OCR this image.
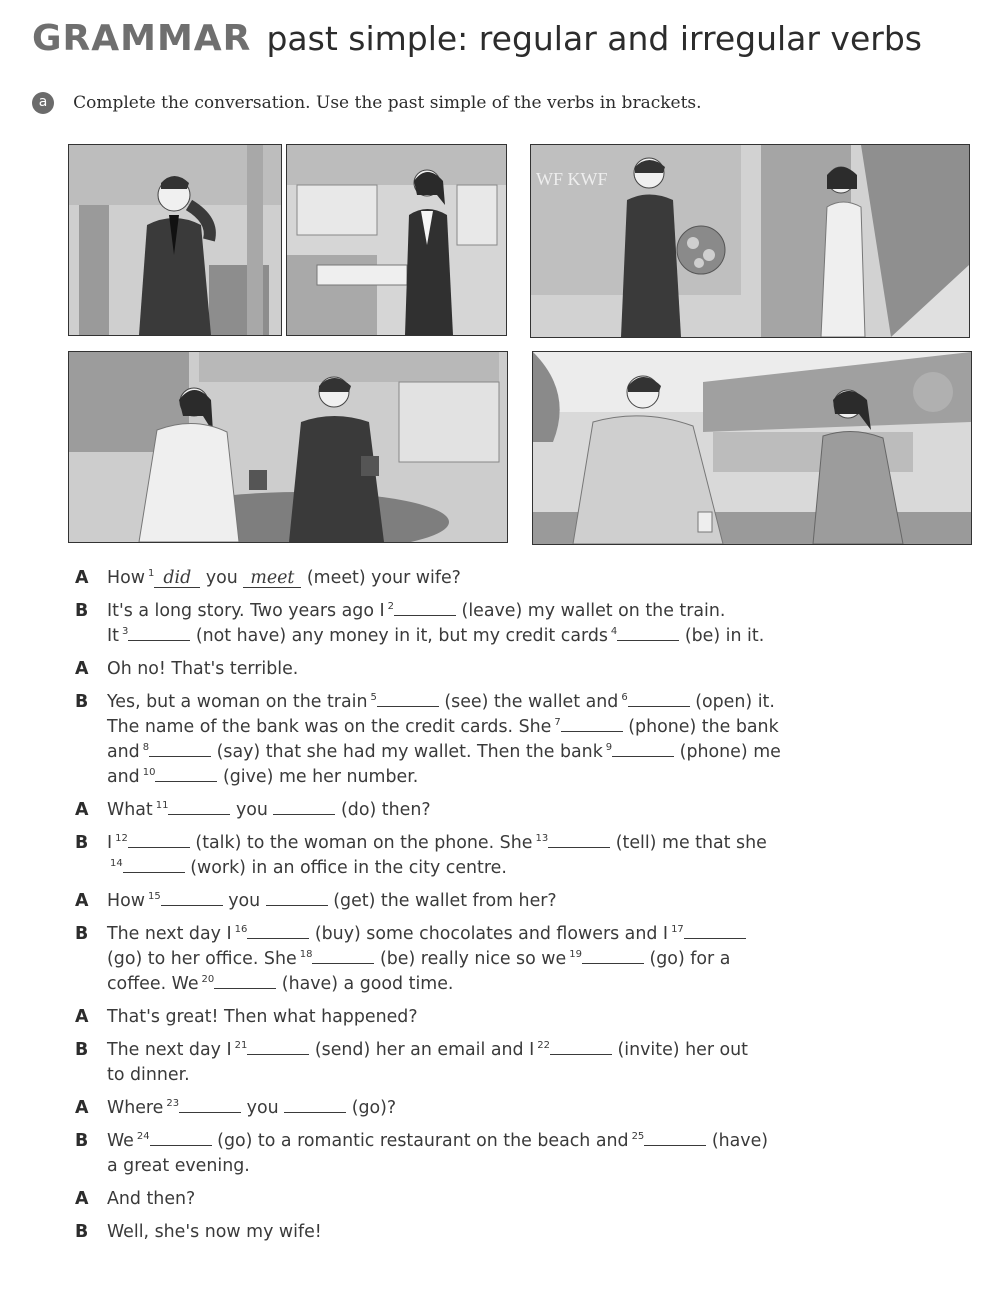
GRAMMAR past simple: regular and irregular verbs
a Complete the conversation. Use the past simple of the verbs in brackets.
WF KWF
A	How $^1$ did you meet (meet) your wife?
B	It's a long story. Two years ago I $^2$	(leave) my wallet on the train.
It $^3$	(not have) any money in it, but my credit cards $^4$	(be) in it.
A	Oh no! That's terrible.
B	Yes, but a woman on the train $^5$	(see) the wallet and $^6$	(open) it.
The name of the bank was on the credit cards. She $^7$	(phone) the bank
and $^8$	(say) that she had my wallet. Then the bank $^9$	(phone) me
and $^{10}$	(give) me her number.
A	What $^{11}$	you	(do) then?
B	I $^{12}$	(talk) to the woman on the phone. She $^{13}$	(tell) me that she
$^{14}$	(work) in an office in the city centre.
A	How $^{15}$	you	(get) the wallet from her?
B	The next day I $^{16}$	(buy) some chocolates and flowers and I $^{17}$
(go) to her office. She $^{18}$	(be) really nice so we $^{19}$	(go) for a
coffee. We $^{20}$	(have) a good time.
A	That's great! Then what happened?
B	The next day I $^{21}$	(send) her an email and I $^{22}$	(invite) her out
to dinner.
A	Where $^{23}$	you	(go)?
B	We $^{24}$	(go) to a romantic restaurant on the beach and $^{25}$	(have)
a great evening.
A	And then?
B	Well, she's now my wife!
